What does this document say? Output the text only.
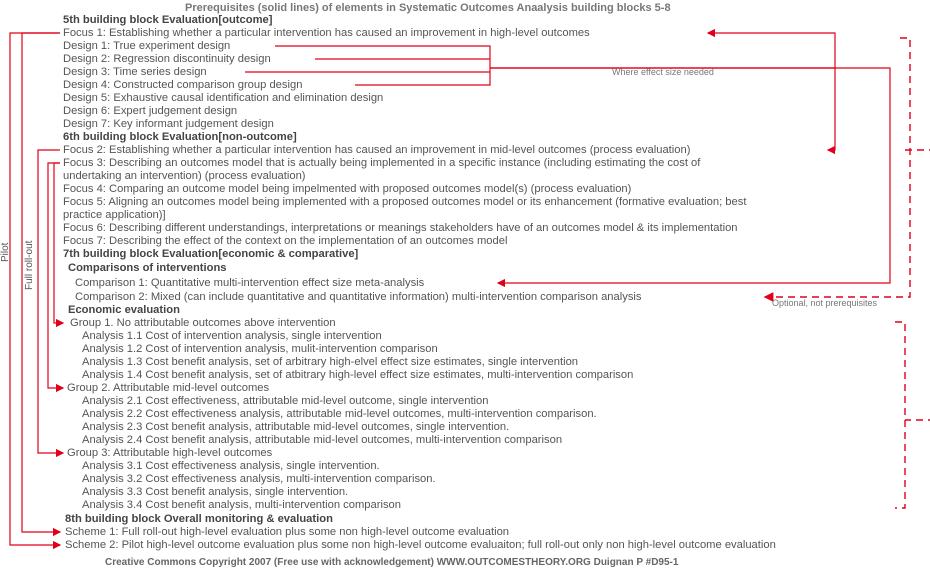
Prerequisites (solid lines) of elements in Systematic Outcomes Anaalysis building blocks 5-8
Pilot Full roll-out
Where effect size needed
Optional, not prerequisites
5th building block Evaluation[outcome]
Focus 1: Establishing whether a particular intervention has caused an improvement in high-level outcomes
Design 1: True experiment design
Design 2: Regression discontinuity design
Design 3: Time series design
Design 4: Constructed comparison group design
Design 5: Exhaustive causal identification and elimination design
Design 6: Expert judgement design
Design 7: Key informant judgement design
6th building block Evaluation[non-outcome]
Focus 2: Establishing whether a particular intervention has caused an improvement in mid-level outcomes (process evaluation)
Focus 3: Describing an outcomes model that is actually being implemented in a specific instance (including estimating the cost of
undertaking an intervention) (process evaluation)
Focus 4: Comparing an outcome model being impelmented with proposed outcomes model(s) (process evaluation)
Focus 5: Aligning an outcomes model being implemented with a proposed outcomes model or its enhancement (formative evaluation; best
practice application)]
Focus 6: Describing different understandings, interpretations or meanings stakeholders have of an outcomes model & its implementation
Focus 7: Describing the effect of the context on the implementation of an outcomes model
7th building block Evaluation[economic & comparative]
Comparisons of interventions
Comparison 1: Quantitative multi-intervention effect size meta-analysis
Comparison 2: Mixed (can include quantitative and quantitative information) multi-intervention comparison analysis
Economic evaluation
Group 1. No attributable outcomes above intervention
Analysis 1.1 Cost of intervention analysis, single intervention
Analysis 1.2 Cost of intervention analysis, mulit-intervention comparison
Analysis 1.3 Cost benefit analysis, set of arbitrary high-elvel effect size estimates, single intervention
Analysis 1.4 Cost benefit analysis, set of atbitrary high-level effect size estimates, multi-intervention comparison
Group 2. Attributable mid-level outcomes
Analysis 2.1 Cost effectiveness, attributable mid-level outcome, single intervention
Analysis 2.2 Cost effectiveness analysis, attributable mid-level outcomes, multi-intervention comparison.
Analysis 2.3 Cost benefit analysis, attributable mid-level outcomes, single intervention.
Analysis 2.4 Cost benefit analysis, attributable mid-level outcomes, multi-intervention comparison
Group 3: Attributable high-level outcomes
Analysis 3.1 Cost effectiveness analysis, single intervention.
Analysis 3.2 Cost effectiveness analysis, multi-intervention comparison.
Analysis 3.3 Cost benefit analysis, single intervention.
Analysis 3.4 Cost benefit analysis, multi-intervention comparison
8th building block Overall monitoring & evaluation
Scheme 1: Full roll-out high-level evaluation plus some non high-level outcome evaluation
Scheme 2: Pilot high-level outcome evaluation plus some non high-level outcome evaluaiton; full roll-out only non high-level outcome evaluation
Creative Commons Copyright 2007 (Free use with acknowledgement) WWW.OUTCOMESTHEORY.ORG Duignan P #D95-1
